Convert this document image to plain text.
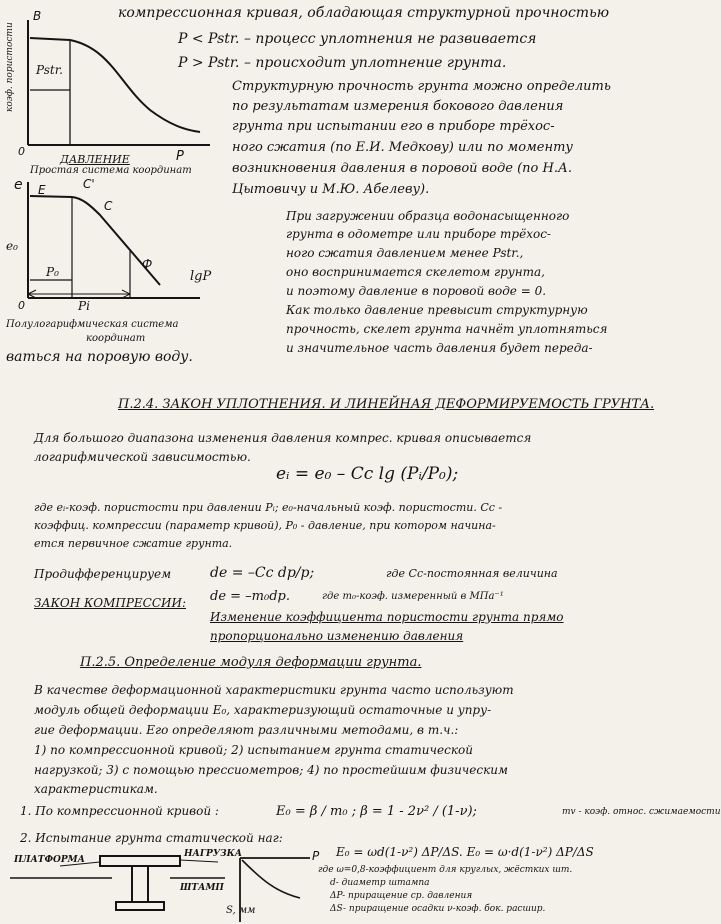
компрессионная кривая, обладающая структурной прочностью
P < Pstr. – процесс уплотнения не развивается
P > Pstr. – происходит уплотнение грунта.
Структурную прочность грунта можно определить
по результатам измерения бокового давления
грунта при испытании его в приборе трёхос-
ного сжатия (по Е.И. Медкову) или по моменту
возникновения давления в поровой воде (по Н.А.
Цытовичу и М.Ю. Абелеву).
B
коэф. пористости Pstr.
0
ДАВЛЕНИЕ	P
Простая система координат
e E	C'
C
Ф
e₀
P₀
Pi
0
lgP
Полулогарифмическая система
координат
При загружении образца водонасыщенного
грунта в одометре или приборе трёхос-
ного сжатия давлением менее Pstr.,
оно воспринимается скелетом грунта,
и поэтому давление в поровой воде = 0.
Как только давление превысит структурную
прочность, скелет грунта начнёт уплотняться
и значительное часть давления будет переда-
ваться на поровую воду.
П.2.4. ЗАКОН УПЛОТНЕНИЯ. И ЛИНЕЙНАЯ ДЕФОРМИРУЕМОСТЬ ГРУНТА.
Для большого диапазона изменения давления компрес. кривая описывается
логарифмической зависимостью.
eᵢ = e₀ – Cc lg (Pᵢ/P₀);
где eᵢ-коэф. пористости при давлении Pᵢ; e₀-начальный коэф. пористости. Cc -
коэффиц. компрессии (параметр кривой), P₀ - давление, при котором начина-
ется первичное сжатие грунта.
Продифференцируем	de = –Cc dp/p;	где Cc-постоянная величина
ЗАКОН КОМПРЕССИИ: de = –m₀dp.	где m₀-коэф. измеренный в МПа⁻¹
Изменение коэффициента пористости грунта прямо
пропорционально изменению давления
П.2.5. Определение модуля деформации грунта.
В качестве деформационной характеристики грунта часто используют
модуль общей деформации E₀, характеризующий остаточные и упру-
гие деформации. Его определяют различными методами, в т.ч.:
1) по компрессионной кривой; 2) испытанием грунта статической
нагрузкой; 3) с помощью прессиометров; 4) по простейшим физическим
характеристикам.
1. По компрессионной кривой :	E₀ = β / m₀ ; β = 1 - 2ν² / (1-ν);	mv - коэф. относ. сжимаемости
2. Испытание грунта статической наг:
E₀ = ωd(1-ν²) ΔP/ΔS. E₀ = ω·d(1-ν²) ΔP/ΔS
где ω=0,8-коэффициент для круглых, жёстких шт.
d- диаметр штампа
ΔP- приращение ср. давления
ΔS- приращение осадки ν-коэф. бок. расшир.
ПЛАТФОРМА
НАГРУЗКА
ШТАМП
S, мм
P
